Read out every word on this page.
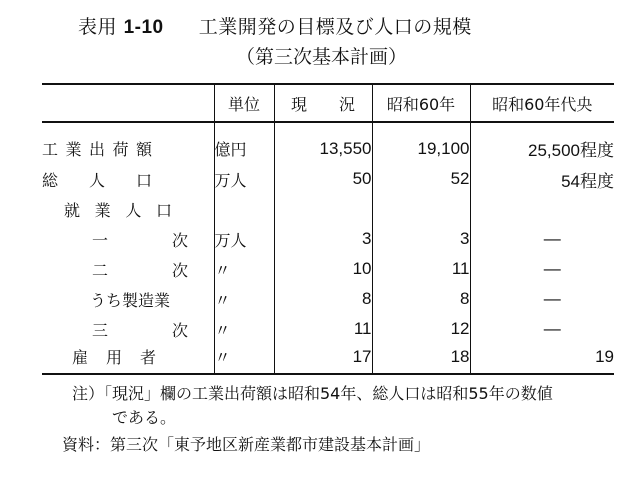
表用 1-10 工業開発の目標及び人口の規模
（第三次基本計画）
	単位	現　　況	昭和60年	昭和60年代央

工 業 出 荷 額	億円	13,550	19,100	25,500程度

総 人 口	万人	50	52	54程度

就 業 人 口				

一 次	万人	3	3	—

二 次	〃	10	11	—

うち製造業	〃	8	8	—

三 次	〃	11	12	—

雇 用 者	〃	17	18	19
注）「現況」欄の工業出荷額は昭和54年、総人口は昭和55年の数値
である。
資料：第三次「東予地区新産業都市建設基本計画」
